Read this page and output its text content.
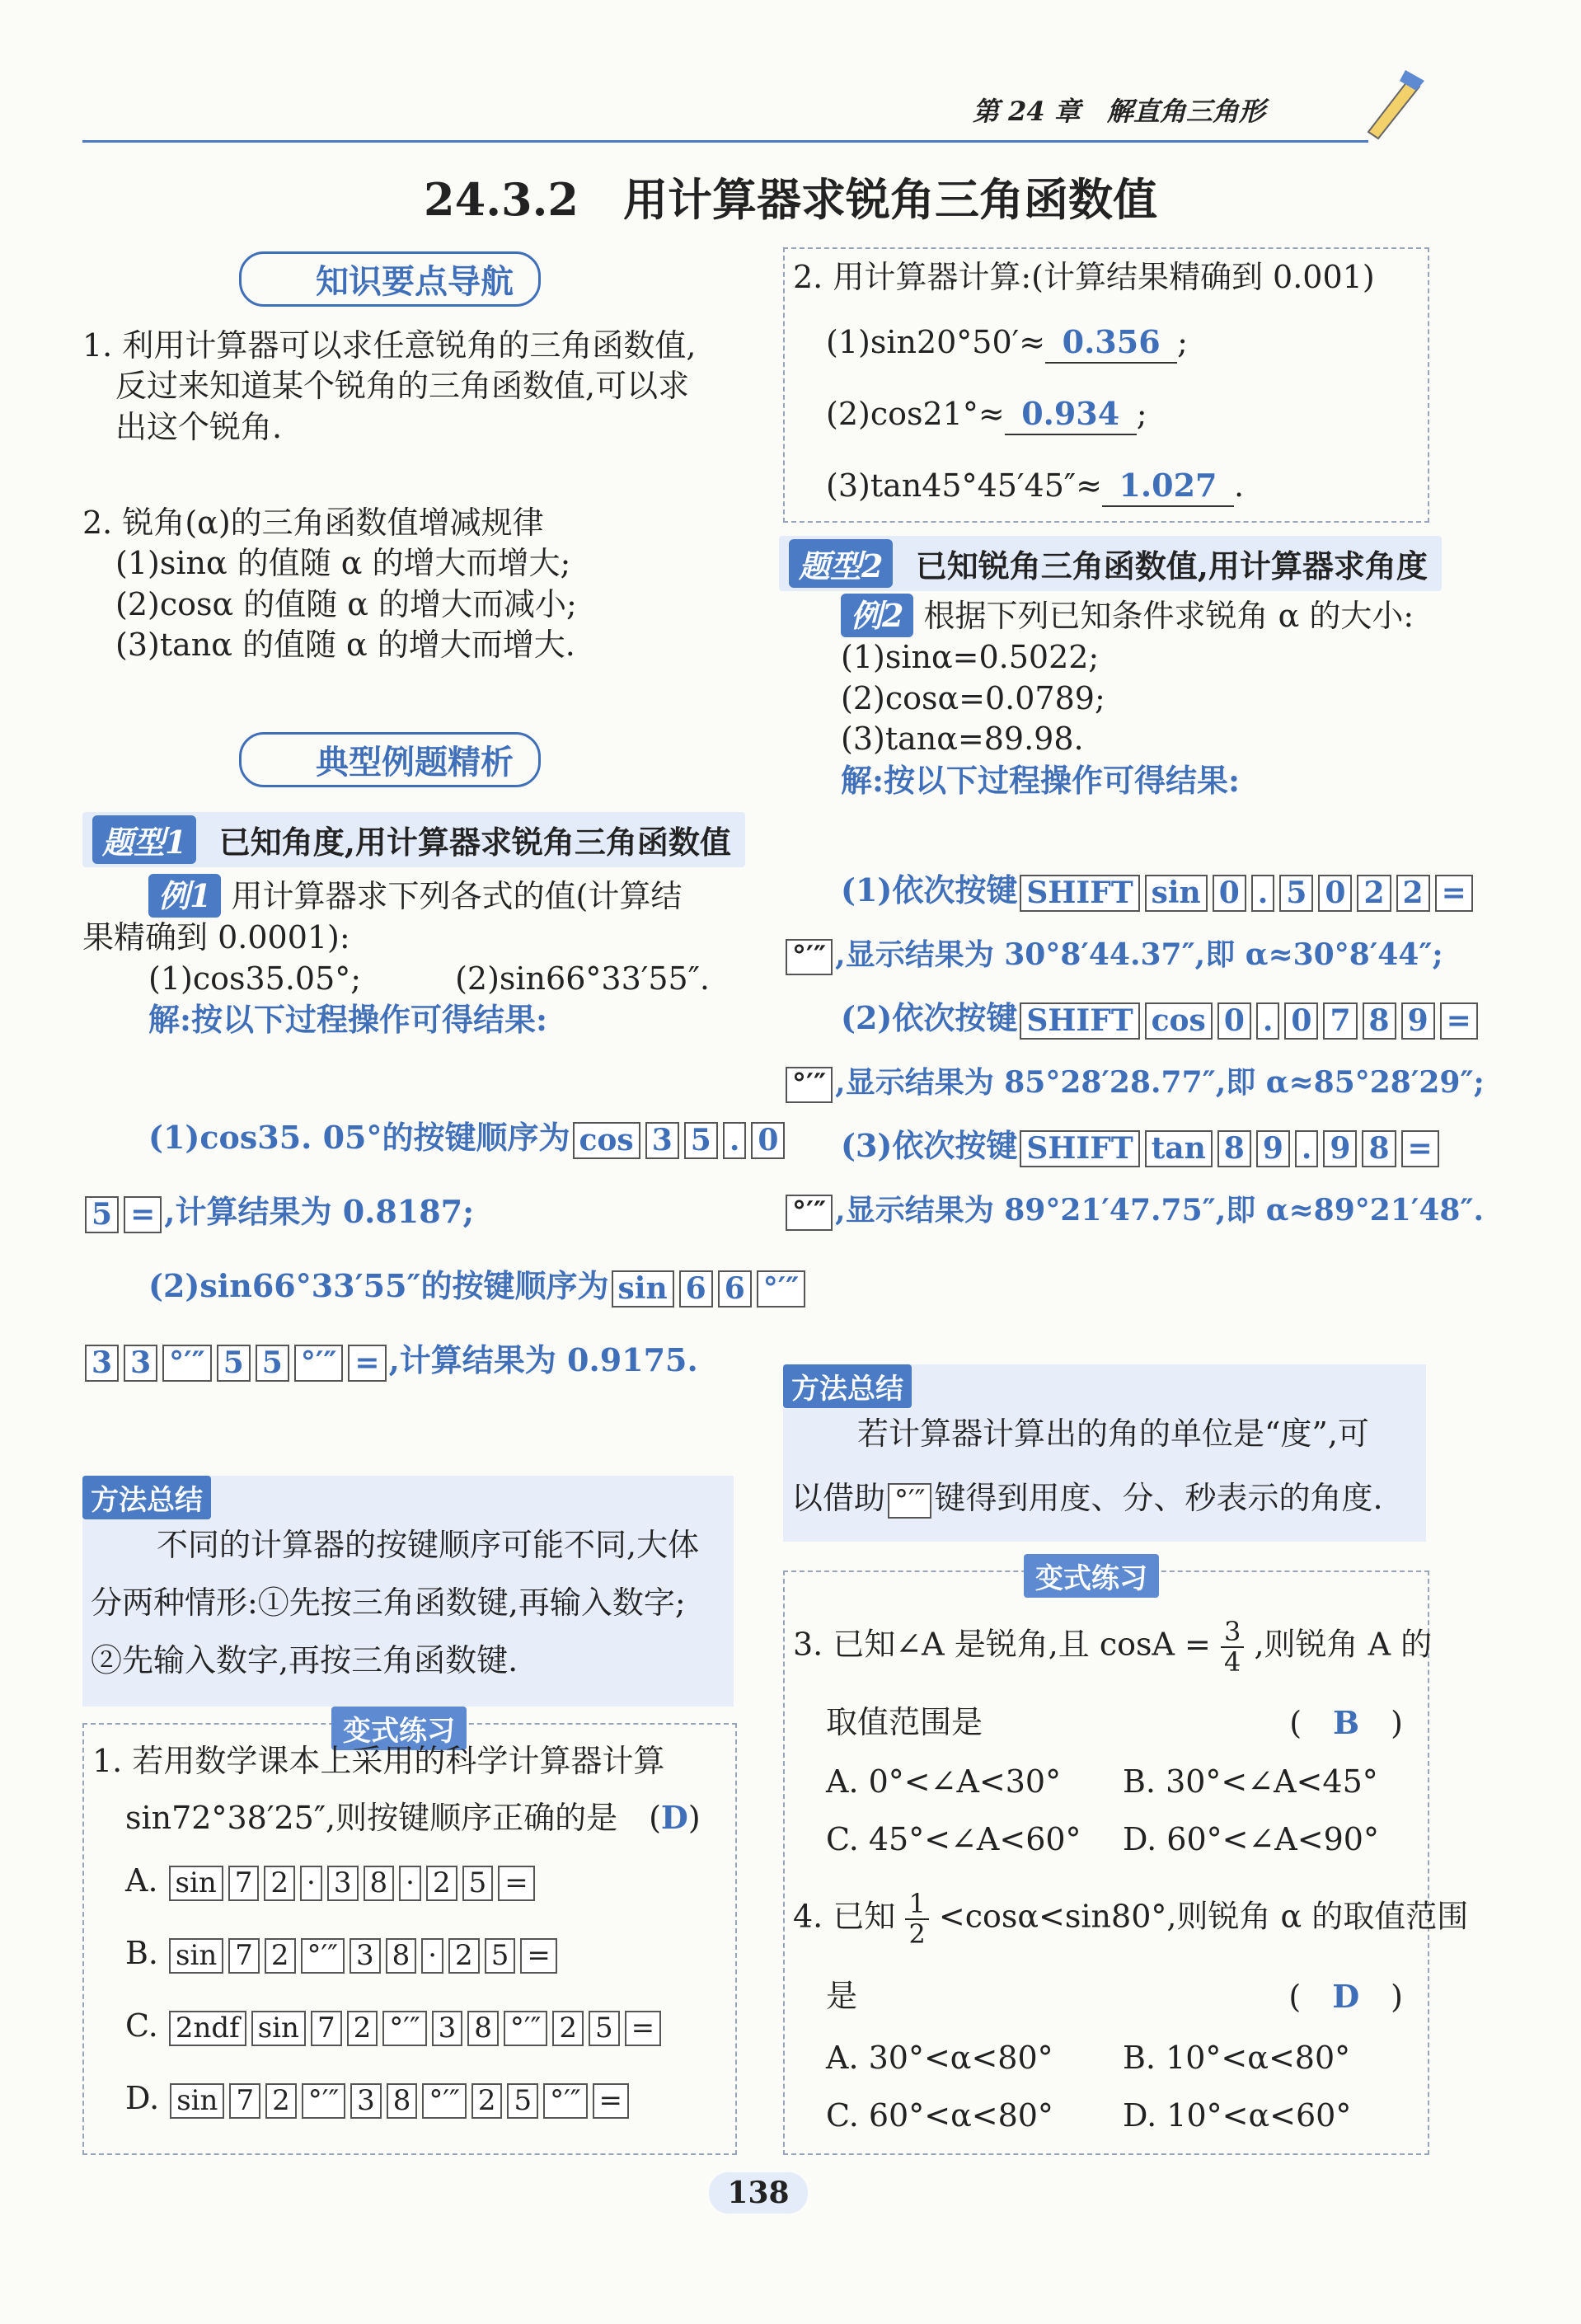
第 24 章　解直角三角形
24.3.2　用计算器求锐角三角函数值
知识要点导航
1. 利用计算器可以求任意锐角的三角函数值,
反过来知道某个锐角的三角函数值,可以求
出这个锐角.
2. 锐角(α)的三角函数值增减规律
(1)sinα 的值随 α 的增大而增大;
(2)cosα 的值随 α 的增大而减小;
(3)tanα 的值随 α 的增大而增大.
典型例题精析
题型1 已知角度,用计算器求锐角三角函数值
例1 用计算器求下列各式的值(计算结
果精确到 0.0001):
(1)cos35.05°;　　　(2)sin66°33′55″.
解:按以下过程操作可得结果:
(1)cos35. 05°的按键顺序为 cos 3 5 . 0
5 = ,计算结果为 0.8187;
(2)sin66°33′55″的按键顺序为 sin 6 6 °′″
3 3 °′″ 5 5 °′″ = ,计算结果为 0.9175.
方法总结
不同的计算器的按键顺序可能不同,大体
分两种情形:①先按三角函数键,再输入数字;
②先输入数字,再按三角函数键.
变式练习
1. 若用数学课本上采用的科学计算器计算
sin72°38′25″,则按键顺序正确的是　(D)
A. sin 7 2 · 3 8 · 2 5 =
B. sin 7 2 °′″ 3 8 · 2 5 =
C. 2ndf sin 7 2 °′″ 3 8 °′″ 2 5 =
D. sin 7 2 °′″ 3 8 °′″ 2 5 °′″ =
2. 用计算器计算:(计算结果精确到 0.001)
(1)sin20°50′≈ 0.356 ;
(2)cos21°≈ 0.934 ;
(3)tan45°45′45″≈ 1.027 .
题型2 已知锐角三角函数值,用计算器求角度
例2 根据下列已知条件求锐角 α 的大小:
(1)sinα=0.5022;
(2)cosα=0.0789;
(3)tanα=89.98.
解:按以下过程操作可得结果:
(1)依次按键 SHIFT sin 0 . 5 0 2 2 =
°′″ ,显示结果为 30°8′44.37″,即 α≈30°8′44″;
(2)依次按键 SHIFT cos 0 . 0 7 8 9 =
°′″ ,显示结果为 85°28′28.77″,即 α≈85°28′29″;
(3)依次按键 SHIFT tan 8 9 . 9 8 =
°′″ ,显示结果为 89°21′47.75″,即 α≈89°21′48″.
方法总结
若计算器计算出的角的单位是“度”,可
以借助 °′″ 键得到用度、分、秒表示的角度.
变式练习
3. 已知∠A 是锐角,且 $\cos A = \frac{3}{4}$ ,则锐角 A 的
取值范围是	(　B　)
A. 0°<∠A<30° B. 30°<∠A<45°
C. 45°<∠A<60° D. 60°<∠A<90°
4. 已知 $\frac{1}{2} <\cos\alpha<\sin 80^\circ$,则锐角 α 的取值范围
是	(　D　)
A. 30°<α<80° B. 10°<α<80°
C. 60°<α<80° D. 10°<α<60°
138
